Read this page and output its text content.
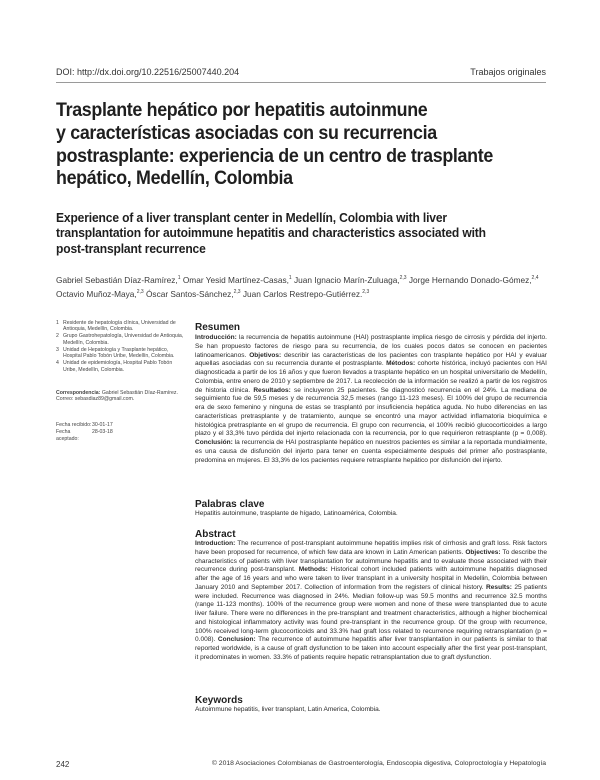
DOI: http://dx.doi.org/10.22516/25007440.204	Trabajos originales
Trasplante hepático por hepatitis autoinmune
y características asociadas con su recurrencia
postrasplante: experiencia de un centro de trasplante
hepático, Medellín, Colombia
Experience of a liver transplant center in Medellín, Colombia with liver
transplantation for autoimmune hepatitis and characteristics associated with
post-transplant recurrence
Gabriel Sebastián Díaz-Ramírez,$^1$ Omar Yesid Martínez-Casas,$^1$ Juan Ignacio Marín-Zuluaga,$^{2,3}$ Jorge Hernando Donado-Gómez,$^{2,4}$
Octavio Muñoz-Maya,$^{2,3}$ Óscar Santos-Sánchez,$^{2,3}$ Juan Carlos Restrepo-Gutiérrez.$^{2,3}$
1 Residente de hepatología clínica, Universidad de Antioquia, Medellín, Colombia.
2 Grupo Gastrohepatología, Universidad de Antioquia, Medellín, Colombia.
3 Unidad de Hepatología y Trasplante hepático, Hospital Pablo Tobón Uribe, Medellín, Colombia.
4 Unidad de epidemiología, Hospital Pablo Tobón Uribe, Medellín, Colombia.
Correspondencia: Gabriel Sebastián Díaz-Ramírez. Correo: sebasdiaz89@gmail.com.
Fecha recibido: 30-01-17
Fecha aceptado:
28-03-18
Resumen
Introducción: la recurrencia de hepatitis autoinmune (HAI) postrasplante implica riesgo de cirrosis y pérdida del injerto. Se han propuesto factores de riesgo para su recurrencia, de los cuales pocos datos se conocen en pacientes latinoamericanos. Objetivos: describir las características de los pacientes con trasplante hepático por HAI y evaluar aquellas asociadas con su recurrencia durante el postrasplante. Métodos: cohorte histórica, incluyó pacientes con HAI diagnosticada a partir de los 16 años y que fueron llevados a trasplante hepático en un hospital universitario de Medellín, Colombia, entre enero de 2010 y septiembre de 2017. La recolección de la información se realizó a partir de los registros de historia clínica. Resultados: se incluyeron 25 pacientes. Se diagnosticó recurrencia en el 24%. La mediana de seguimiento fue de 59,5 meses y de recurrencia 32,5 meses (rango 11-123 meses). El 100% del grupo de recurrencia era de sexo femenino y ninguna de estas se trasplantó por insuficiencia hepática aguda. No hubo diferencias en las características pretrasplante y de tratamiento, aunque se encontró una mayor actividad inflamatoria bioquímica e histológica pretrasplante en el grupo de recurrencia. El grupo con recurrencia, el 100% recibió glucocorticoides a largo plazo y el 33,3% tuvo pérdida del injerto relacionada con la recurrencia, por lo que requirieron retrasplante (p = 0,008). Conclusión: la recurrencia de HAI postrasplante hepático en nuestros pacientes es similar a la reportada mundialmente, es una causa de disfunción del injerto para tener en cuenta especialmente después del primer año postrasplante, predomina en mujeres. El 33,3% de los pacientes requiere retrasplante hepático por disfunción del injerto.
Palabras clave
Hepatitis autoinmune, trasplante de hígado, Latinoamérica, Colombia.
Abstract
Introduction: The recurrence of post-transplant autoimmune hepatitis implies risk of cirrhosis and graft loss. Risk factors have been proposed for recurrence, of which few data are known in Latin American patients. Objectives: To describe the characteristics of patients with liver transplantation for autoimmune hepatitis and to evaluate those associated with their recurrence during post-transplant. Methods: Historical cohort included patients with autoimmune hepatitis diagnosed after the age of 16 years and who were taken to liver transplant in a university hospital in Medellin, Colombia between January 2010 and September 2017. Collection of information from the registers of clinical history. Results: 25 patients were included. Recurrence was diagnosed in 24%. Median follow-up was 59.5 months and recurrence 32.5 months (range 11-123 months). 100% of the recurrence group were women and none of these were transplanted due to acute liver failure. There were no differences in the pre-transplant and treatment characteristics, although a higher biochemical and histological inflammatory activity was found pre-transplant in the recurrence group. Of the group with recurrence, 100% received long-term glucocorticoids and 33.3% had graft loss related to recurrence requiring retransplantation (p = 0.008). Conclusion: The recurrence of autoimmune hepatitis after liver transplantation in our patients is similar to that reported worldwide, is a cause of graft dysfunction to be taken into account especially after the first year post-transplant, it predominates in women. 33.3% of patients require hepatic retransplantation due to graft dysfunction.
Keywords
Autoimmune hepatitis, liver transplant, Latin America, Colombia.
242	© 2018 Asociaciones Colombianas de Gastroenterología, Endoscopia digestiva, Coloproctología y Hepatología
